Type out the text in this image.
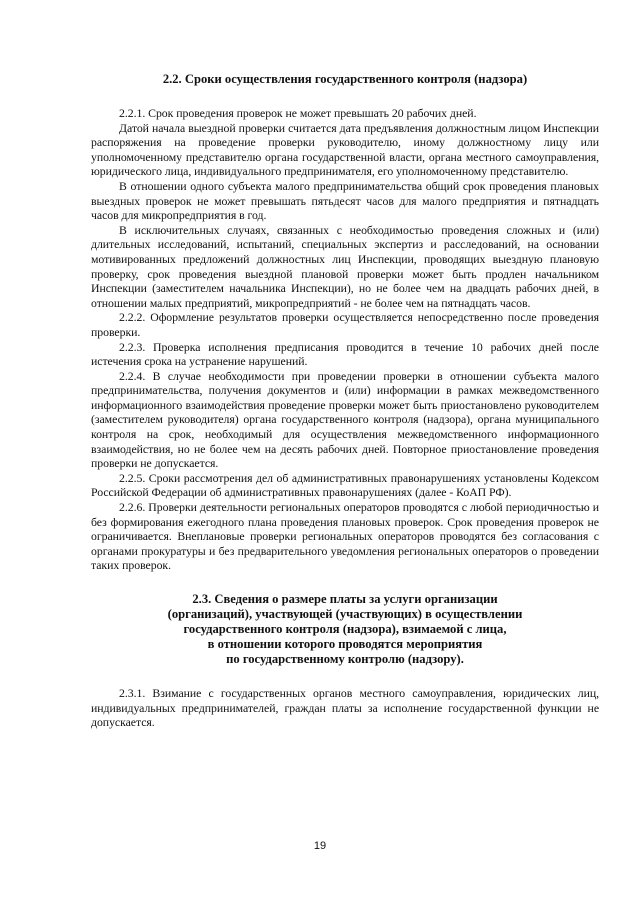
2.2. Сроки осуществления государственного контроля (надзора)

2.2.1. Срок проведения проверок не может превышать 20 рабочих дней.

Датой начала выездной проверки считается дата предъявления должностным лицом Инспекции распоряжения на проведение проверки руководителю, иному должностному лицу или уполномоченному представителю органа государственной власти, органа местного самоуправления, юридического лица, индивидуального предпринимателя, его уполномоченному представителю.

В отношении одного субъекта малого предпринимательства общий срок проведения плановых выездных проверок не может превышать пятьдесят часов для малого предприятия и пятнадцать часов для микропредприятия в год.

В исключительных случаях, связанных с необходимостью проведения сложных и (или) длительных исследований, испытаний, специальных экспертиз и расследований, на основании мотивированных предложений должностных лиц Инспекции, проводящих выездную плановую проверку, срок проведения выездной плановой проверки может быть продлен начальником Инспекции (заместителем начальника Инспекции), но не более чем на двадцать рабочих дней, в отношении малых предприятий, микропредприятий - не более чем на пятнадцать часов.

2.2.2. Оформление результатов проверки осуществляется непосредственно после проведения проверки.

2.2.3. Проверка исполнения предписания проводится в течение 10 рабочих дней после истечения срока на устранение нарушений.

2.2.4. В случае необходимости при проведении проверки в отношении субъекта малого предпринимательства, получения документов и (или) информации в рамках межведомственного информационного взаимодействия проведение проверки может быть приостановлено руководителем (заместителем руководителя) органа государственного контроля (надзора), органа муниципального контроля на срок, необходимый для осуществления межведомственного информационного взаимодействия, но не более чем на десять рабочих дней. Повторное приостановление проведения проверки не допускается.

2.2.5. Сроки рассмотрения дел об административных правонарушениях установлены Кодексом Российской Федерации об административных правонарушениях (далее - КоАП РФ).

2.2.6. Проверки деятельности региональных операторов проводятся с любой периодичностью и без формирования ежегодного плана проведения плановых проверок. Срок проведения проверок не ограничивается. Внеплановые проверки региональных операторов проводятся без согласования с органами прокуратуры и без предварительного уведомления региональных операторов о проведении таких проверок.

2.3. Сведения о размере платы за услуги организации
(организаций), участвующей (участвующих) в осуществлении
государственного контроля (надзора), взимаемой с лица,
в отношении которого проводятся мероприятия
по государственному контролю (надзору).

2.3.1. Взимание с государственных органов местного самоуправления, юридических лиц, индивидуальных предпринимателей, граждан платы за исполнение государственной функции не допускается.

19
